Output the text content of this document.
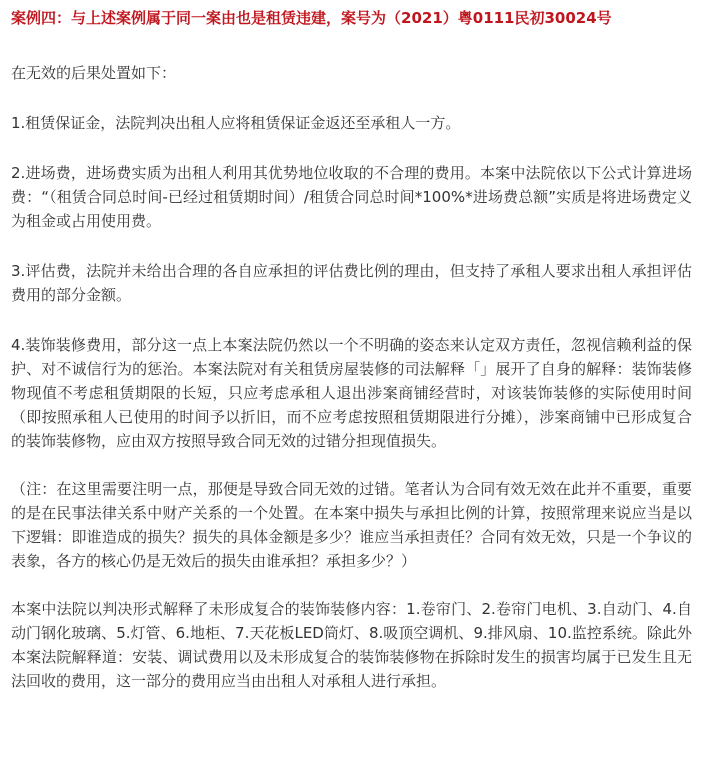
案例四：与上述案例属于同一案由也是租赁违建，案号为（2021）粤0111民初30024号

在无效的后果处置如下：

1.租赁保证金，法院判决出租人应将租赁保证金返还至承租人一方。

2.进场费，进场费实质为出租人利用其优势地位收取的不合理的费用。本案中法院依以下公式计算进场费：“（租赁合同总时间-已经过租赁期时间）/租赁合同总时间*100%*进场费总额”实质是将进场费定义为租金或占用使用费。

3.评估费，法院并未给出合理的各自应承担的评估费比例的理由，但支持了承租人要求出租人承担评估费用的部分金额。

4.装饰装修费用，部分这一点上本案法院仍然以一个不明确的姿态来认定双方责任，忽视信赖利益的保护、对不诚信行为的惩治。本案法院对有关租赁房屋装修的司法解释「」展开了自身的解释：装饰装修物现值不考虑租赁期限的长短，只应考虑承租人退出涉案商铺经营时，对该装饰装修的实际使用时间（即按照承租人已使用的时间予以折旧，而不应考虑按照租赁期限进行分摊），涉案商铺中已形成复合的装饰装修物，应由双方按照导致合同无效的过错分担现值损失。

（注：在这里需要注明一点，那便是导致合同无效的过错。笔者认为合同有效无效在此并不重要，重要的是在民事法律关系中财产关系的一个处置。在本案中损失与承担比例的计算，按照常理来说应当是以下逻辑：即谁造成的损失？损失的具体金额是多少？谁应当承担责任？合同有效无效，只是一个争议的表象，各方的核心仍是无效后的损失由谁承担？承担多少？）

本案中法院以判决形式解释了未形成复合的装饰装修内容：1.卷帘门、2.卷帘门电机、3.自动门、4.自动门钢化玻璃、5.灯管、6.地柜、7.天花板LED筒灯、8.吸顶空调机、9.排风扇、10.监控系统。除此外本案法院解释道：安装、调试费用以及未形成复合的装饰装修物在拆除时发生的损害均属于已发生且无法回收的费用，这一部分的费用应当由出租人对承租人进行承担。
